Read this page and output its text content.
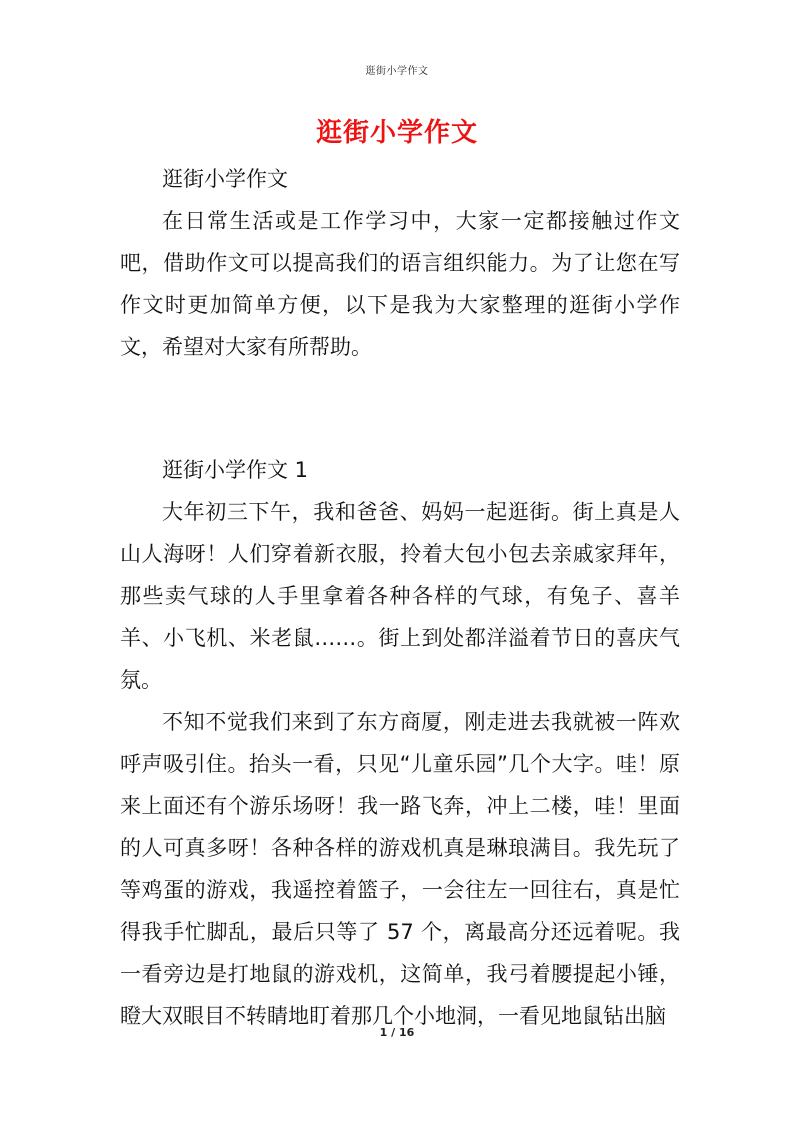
逛街小学作文
逛街小学作文

逛街小学作文

在日常生活或是工作学习中，大家一定都接触过作文吧，借助作文可以提高我们的语言组织能力。为了让您在写作文时更加简单方便，以下是我为大家整理的逛街小学作文，希望对大家有所帮助。

逛街小学作文 1

大年初三下午，我和爸爸、妈妈一起逛街。街上真是人山人海呀！人们穿着新衣服，拎着大包小包去亲戚家拜年，那些卖气球的人手里拿着各种各样的气球，有兔子、喜羊羊、小飞机、米老鼠……。街上到处都洋溢着节日的喜庆气氛。

不知不觉我们来到了东方商厦，刚走进去我就被一阵欢呼声吸引住。抬头一看，只见“儿童乐园”几个大字。哇！原来上面还有个游乐场呀！我一路飞奔，冲上二楼，哇！里面的人可真多呀！各种各样的游戏机真是琳琅满目。我先玩了等鸡蛋的游戏，我遥控着篮子，一会往左一回往右，真是忙得我手忙脚乱，最后只等了 57 个，离最高分还远着呢。我一看旁边是打地鼠的游戏机，这简单，我弓着腰提起小锤，瞪大双眼目不转睛地盯着那几个小地洞，一看见地鼠钻出脑

1 / 16
